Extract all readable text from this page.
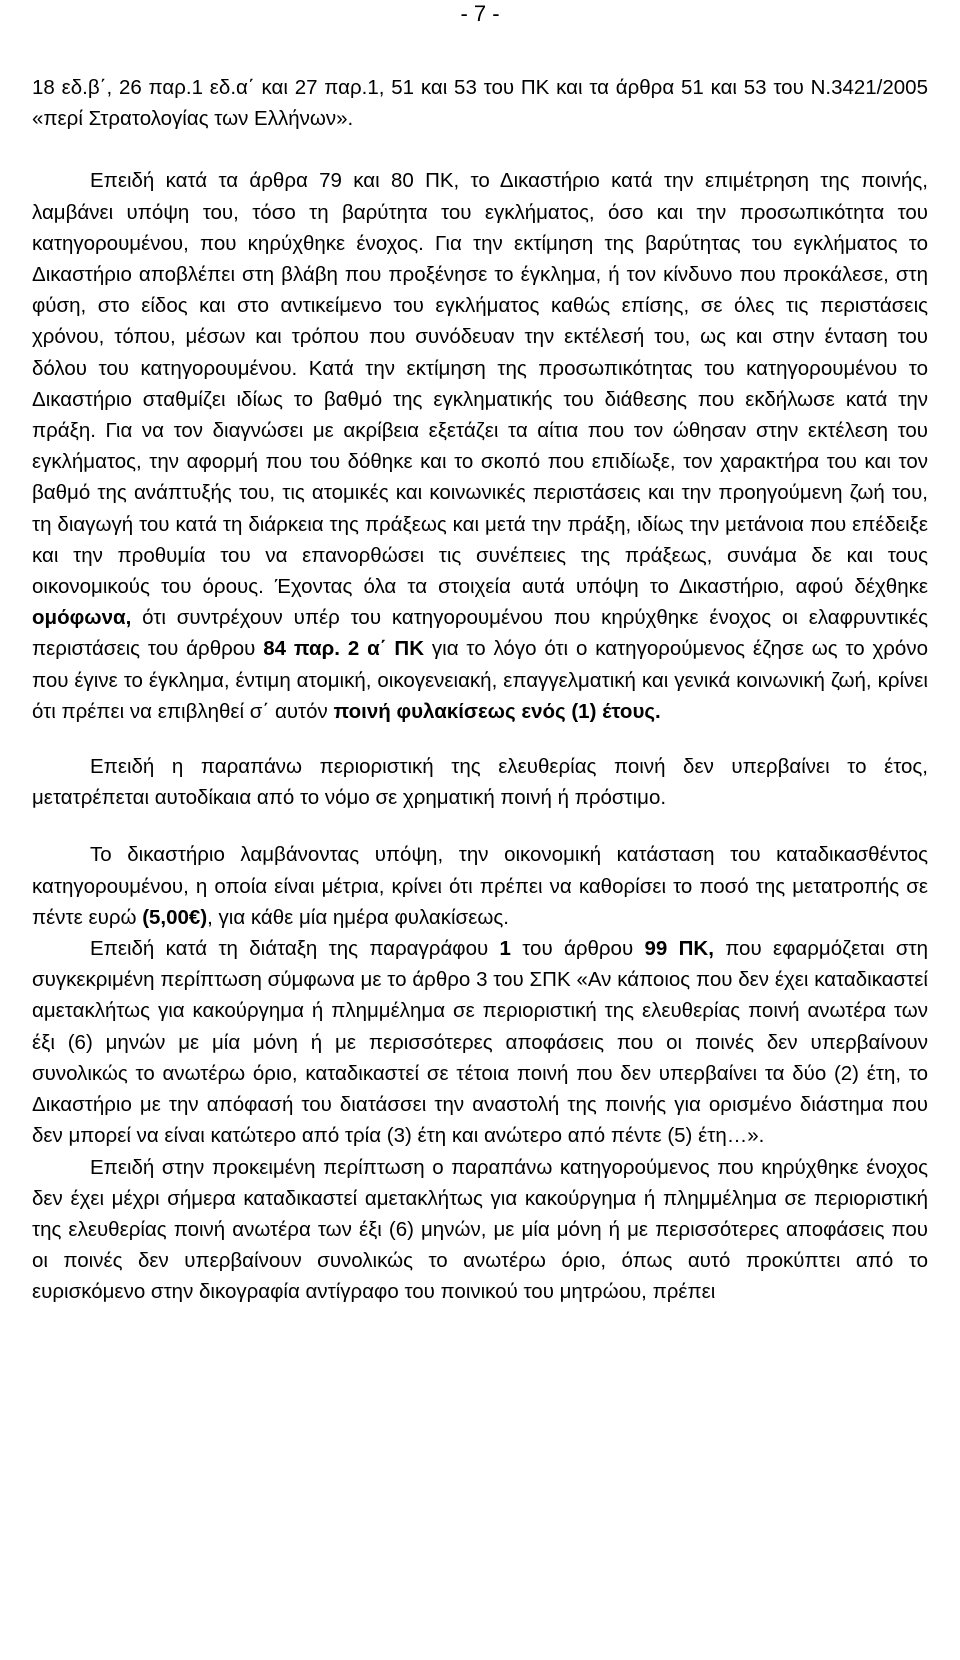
- 7 -

18 εδ.β΄, 26 παρ.1 εδ.α΄ και 27 παρ.1, 51 και 53 του ΠΚ και τα άρθρα 51 και 53 του Ν.3421/2005 «περί Στρατολογίας των Ελλήνων».

Επειδή κατά τα άρθρα 79 και 80 ΠΚ, το Δικαστήριο κατά την επιμέτρηση της ποινής, λαμβάνει υπόψη του, τόσο τη βαρύτητα του εγκλήματος, όσο και την προσωπικότητα του κατηγορουμένου, που κηρύχθηκε ένοχος. Για την εκτίμηση της βαρύτητας του εγκλήματος το Δικαστήριο αποβλέπει στη βλάβη που προξένησε το έγκλημα, ή τον κίνδυνο που προκάλεσε, στη φύση, στο είδος και στο αντικείμενο του εγκλήματος καθώς επίσης, σε όλες τις περιστάσεις χρόνου, τόπου, μέσων και τρόπου που συνόδευαν την εκτέλεσή του, ως και στην ένταση του δόλου του κατηγορουμένου. Κατά την εκτίμηση της προσωπικότητας του κατηγορουμένου το Δικαστήριο σταθμίζει ιδίως το βαθμό της εγκληματικής του διάθεσης που εκδήλωσε κατά την πράξη. Για να τον διαγνώσει με ακρίβεια εξετάζει τα αίτια που τον ώθησαν στην εκτέλεση του εγκλήματος, την αφορμή που του δόθηκε και το σκοπό που επιδίωξε, τον χαρακτήρα του και τον βαθμό της ανάπτυξής του, τις ατομικές και κοινωνικές περιστάσεις και την προηγούμενη ζωή του, τη διαγωγή του κατά τη διάρκεια της πράξεως και μετά την πράξη, ιδίως την μετάνοια που επέδειξε και την προθυμία του να επανορθώσει τις συνέπειες της πράξεως, συνάμα δε και τους οικονομικούς του όρους. Έχοντας όλα τα στοιχεία αυτά υπόψη το Δικαστήριο, αφού δέχθηκε ομόφωνα, ότι συντρέχουν υπέρ του κατηγορουμένου που κηρύχθηκε ένοχος οι ελαφρυντικές περιστάσεις του άρθρου 84 παρ. 2 α΄ ΠΚ για το λόγο ότι ο κατηγορούμενος έζησε ως το χρόνο που έγινε το έγκλημα, έντιμη ατομική, οικογενειακή, επαγγελματική και γενικά κοινωνική ζωή, κρίνει ότι πρέπει να επιβληθεί σ΄ αυτόν ποινή φυλακίσεως ενός (1) έτους.

Επειδή η παραπάνω περιοριστική της ελευθερίας ποινή δεν υπερβαίνει το έτος, μετατρέπεται αυτοδίκαια από το νόμο σε χρηματική ποινή ή πρόστιμο.

Το δικαστήριο λαμβάνοντας υπόψη, την οικονομική κατάσταση του καταδικασθέντος κατηγορουμένου, η οποία είναι μέτρια, κρίνει ότι πρέπει να καθορίσει το ποσό της μετατροπής σε πέντε ευρώ (5,00€), για κάθε μία ημέρα φυλακίσεως.

Επειδή κατά τη διάταξη της παραγράφου 1 του άρθρου 99 ΠΚ, που εφαρμόζεται στη συγκεκριμένη περίπτωση σύμφωνα με το άρθρο 3 του ΣΠΚ «Αν κάποιος που δεν έχει καταδικαστεί αμετακλήτως για κακούργημα ή πλημμέλημα σε περιοριστική της ελευθερίας ποινή ανωτέρα των έξι (6) μηνών με μία μόνη ή με περισσότερες αποφάσεις που οι ποινές δεν υπερβαίνουν συνολικώς το ανωτέρω όριο, καταδικαστεί σε τέτοια ποινή που δεν υπερβαίνει τα δύο (2) έτη, το Δικαστήριο με την απόφασή του διατάσσει την αναστολή της ποινής για ορισμένο διάστημα που δεν μπορεί να είναι κατώτερο από τρία (3) έτη και ανώτερο από πέντε (5) έτη…».

Επειδή στην προκειμένη περίπτωση ο παραπάνω κατηγορούμενος που κηρύχθηκε ένοχος δεν έχει μέχρι σήμερα καταδικαστεί αμετακλήτως για κακούργημα ή πλημμέλημα σε περιοριστική της ελευθερίας ποινή ανωτέρα των έξι (6) μηνών, με μία μόνη ή με περισσότερες αποφάσεις που οι ποινές δεν υπερβαίνουν συνολικώς το ανωτέρω όριο, όπως αυτό προκύπτει από το ευρισκόμενο στην δικογραφία αντίγραφο του ποινικού του μητρώου, πρέπει
